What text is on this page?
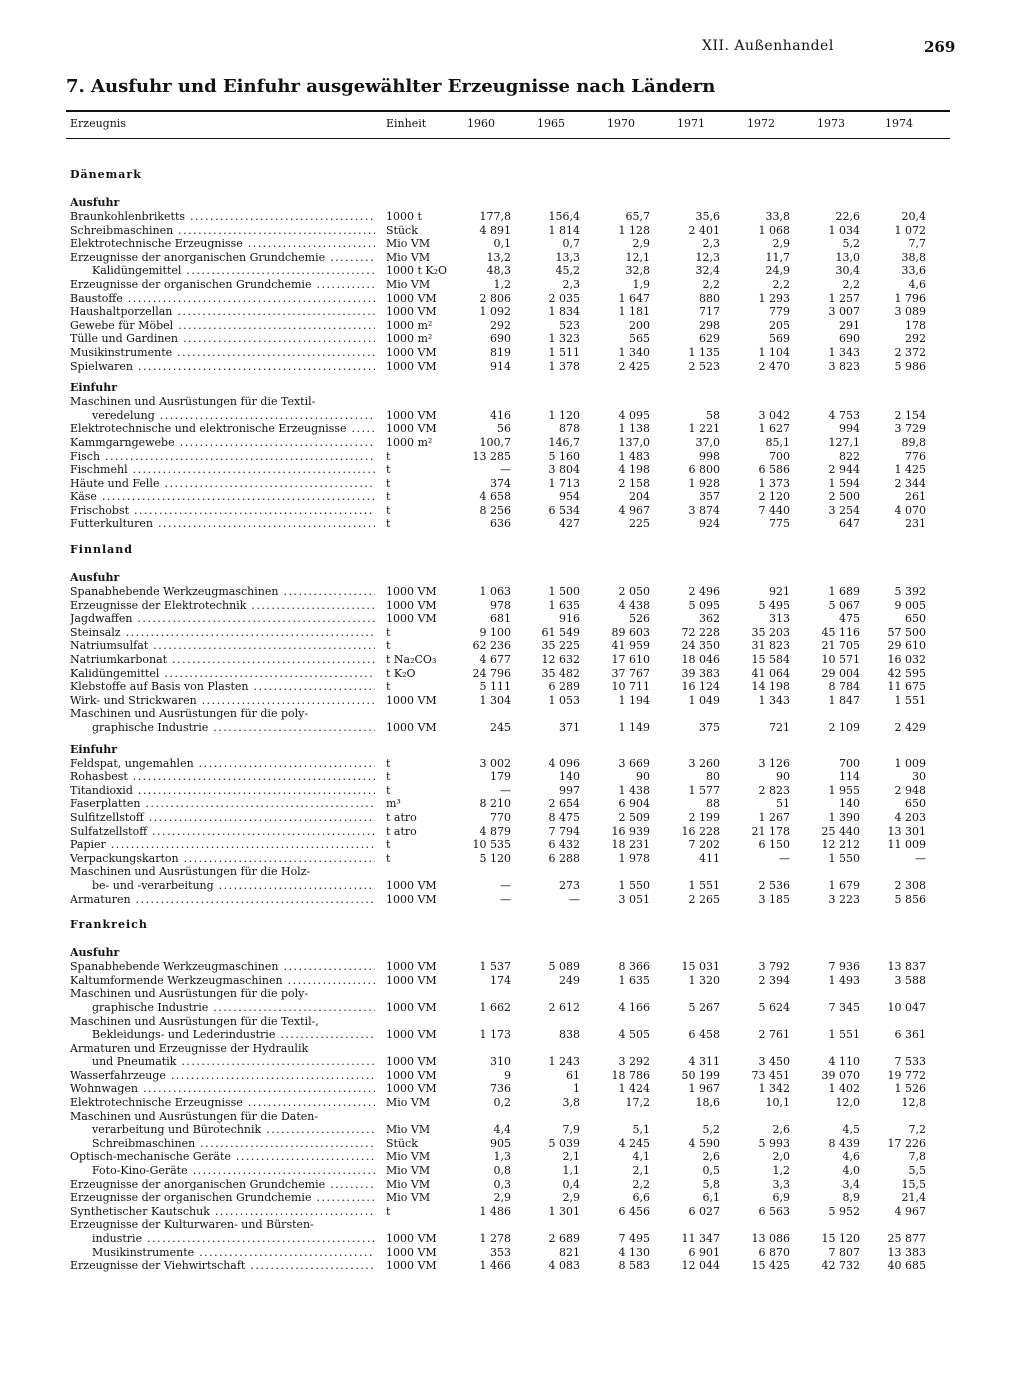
XII. Außenhandel	269
7. Ausfuhr und Einfuhr ausgewählter Erzeugnisse nach Ländern
Erzeugnis	Einheit	1960	1965	1970	1971	1972	1973	1974
Dänemark
Ausfuhr
Braunkohlenbriketts .....	1000 t	177,8	156,4	65,7	35,6	33,8	22,6	20,4
Schreibmaschinen .....	Stück	4 891	1 814	1 128	2 401	1 068	1 034	1 072
Elektrotechnische Erzeugnisse .....	Mio VM	0,1	0,7	2,9	2,3	2,9	5,2	7,7
Erzeugnisse der anorganischen Grundchemie .....	Mio VM	13,2	13,3	12,1	12,3	11,7	13,0	38,8
Kalidüngemittel .....	1000 t K₂O	48,3	45,2	32,8	32,4	24,9	30,4	33,6
Erzeugnisse der organischen Grundchemie .....	Mio VM	1,2	2,3	1,9	2,2	2,2	2,2	4,6
Baustoffe .....	1000 VM	2 806	2 035	1 647	880	1 293	1 257	1 796
Haushaltporzellan .....	1000 VM	1 092	1 834	1 181	717	779	3 007	3 089
Gewebe für Möbel .....	1000 m²	292	523	200	298	205	291	178
Tülle und Gardinen .....	1000 m²	690	1 323	565	629	569	690	292
Musikinstrumente .....	1000 VM	819	1 511	1 340	1 135	1 104	1 343	2 372
Spielwaren .....	1000 VM	914	1 378	2 425	2 523	2 470	3 823	5 986
Einfuhr
Maschinen und Ausrüstungen für die Textil-
veredelung .....	1000 VM	416	1 120	4 095	58	3 042	4 753	2 154
Elektrotechnische und elektronische Erzeugnisse .....	1000 VM	56	878	1 138	1 221	1 627	994	3 729
Kammgarngewebe .....	1000 m²	100,7	146,7	137,0	37,0	85,1	127,1	89,8
Fisch .....	t	13 285	5 160	1 483	998	700	822	776
Fischmehl .....	t	—	3 804	4 198	6 800	6 586	2 944	1 425
Häute und Felle .....	t	374	1 713	2 158	1 928	1 373	1 594	2 344
Käse .....	t	4 658	954	204	357	2 120	2 500	261
Frischobst .....	t	8 256	6 534	4 967	3 874	7 440	3 254	4 070
Futterkulturen .....	t	636	427	225	924	775	647	231
Finnland
Ausfuhr
Spanabhebende Werkzeugmaschinen .....	1000 VM	1 063	1 500	2 050	2 496	921	1 689	5 392
Erzeugnisse der Elektrotechnik .....	1000 VM	978	1 635	4 438	5 095	5 495	5 067	9 005
Jagdwaffen .....	1000 VM	681	916	526	362	313	475	650
Steinsalz .....	t	9 100	61 549	89 603	72 228	35 203	45 116	57 500
Natriumsulfat .....	t	62 236	35 225	41 959	24 350	31 823	21 705	29 610
Natriumkarbonat .....	t Na₂CO₃	4 677	12 632	17 610	18 046	15 584	10 571	16 032
Kalidüngemittel .....	t K₂O	24 796	35 482	37 767	39 383	41 064	29 004	42 595
Klebstoffe auf Basis von Plasten .....	t	5 111	6 289	10 711	16 124	14 198	8 784	11 675
Wirk- und Strickwaren .....	1000 VM	1 304	1 053	1 194	1 049	1 343	1 847	1 551
Maschinen und Ausrüstungen für die poly-
graphische Industrie .....	1000 VM	245	371	1 149	375	721	2 109	2 429
Einfuhr
Feldspat, ungemahlen .....	t	3 002	4 096	3 669	3 260	3 126	700	1 009
Rohasbest .....	t	179	140	90	80	90	114	30
Titandioxid .....	t	—	997	1 438	1 577	2 823	1 955	2 948
Faserplatten .....	m³	8 210	2 654	6 904	88	51	140	650
Sulfitzellstoff .....	t atro	770	8 475	2 509	2 199	1 267	1 390	4 203
Sulfatzellstoff .....	t atro	4 879	7 794	16 939	16 228	21 178	25 440	13 301
Papier .....	t	10 535	6 432	18 231	7 202	6 150	12 212	11 009
Verpackungskarton .....	t	5 120	6 288	1 978	411	—	1 550	—
Maschinen und Ausrüstungen für die Holz-
be- und -verarbeitung .....	1000 VM	—	273	1 550	1 551	2 536	1 679	2 308
Armaturen .....	1000 VM	—	—	3 051	2 265	3 185	3 223	5 856
Frankreich
Ausfuhr
Spanabhebende Werkzeugmaschinen .....	1000 VM	1 537	5 089	8 366	15 031	3 792	7 936	13 837
Kaltumformende Werkzeugmaschinen .....	1000 VM	174	249	1 635	1 320	2 394	1 493	3 588
Maschinen und Ausrüstungen für die poly-
graphische Industrie .....	1000 VM	1 662	2 612	4 166	5 267	5 624	7 345	10 047
Maschinen und Ausrüstungen für die Textil-,
Bekleidungs- und Lederindustrie .....	1000 VM	1 173	838	4 505	6 458	2 761	1 551	6 361
Armaturen und Erzeugnisse der Hydraulik
und Pneumatik .....	1000 VM	310	1 243	3 292	4 311	3 450	4 110	7 533
Wasserfahrzeuge .....	1000 VM	9	61	18 786	50 199	73 451	39 070	19 772
Wohnwagen .....	1000 VM	736	1	1 424	1 967	1 342	1 402	1 526
Elektrotechnische Erzeugnisse .....	Mio VM	0,2	3,8	17,2	18,6	10,1	12,0	12,8
Maschinen und Ausrüstungen für die Daten-
verarbeitung und Bürotechnik .....	Mio VM	4,4	7,9	5,1	5,2	2,6	4,5	7,2
Schreibmaschinen .....	Stück	905	5 039	4 245	4 590	5 993	8 439	17 226
Optisch-mechanische Geräte .....	Mio VM	1,3	2,1	4,1	2,6	2,0	4,6	7,8
Foto-Kino-Geräte .....	Mio VM	0,8	1,1	2,1	0,5	1,2	4,0	5,5
Erzeugnisse der anorganischen Grundchemie .....	Mio VM	0,3	0,4	2,2	5,8	3,3	3,4	15,5
Erzeugnisse der organischen Grundchemie .....	Mio VM	2,9	2,9	6,6	6,1	6,9	8,9	21,4
Synthetischer Kautschuk .....	t	1 486	1 301	6 456	6 027	6 563	5 952	4 967
Erzeugnisse der Kulturwaren- und Bürsten-
industrie .....	1000 VM	1 278	2 689	7 495	11 347	13 086	15 120	25 877
Musikinstrumente .....	1000 VM	353	821	4 130	6 901	6 870	7 807	13 383
Erzeugnisse der Viehwirtschaft .....	1000 VM	1 466	4 083	8 583	12 044	15 425	42 732	40 685
